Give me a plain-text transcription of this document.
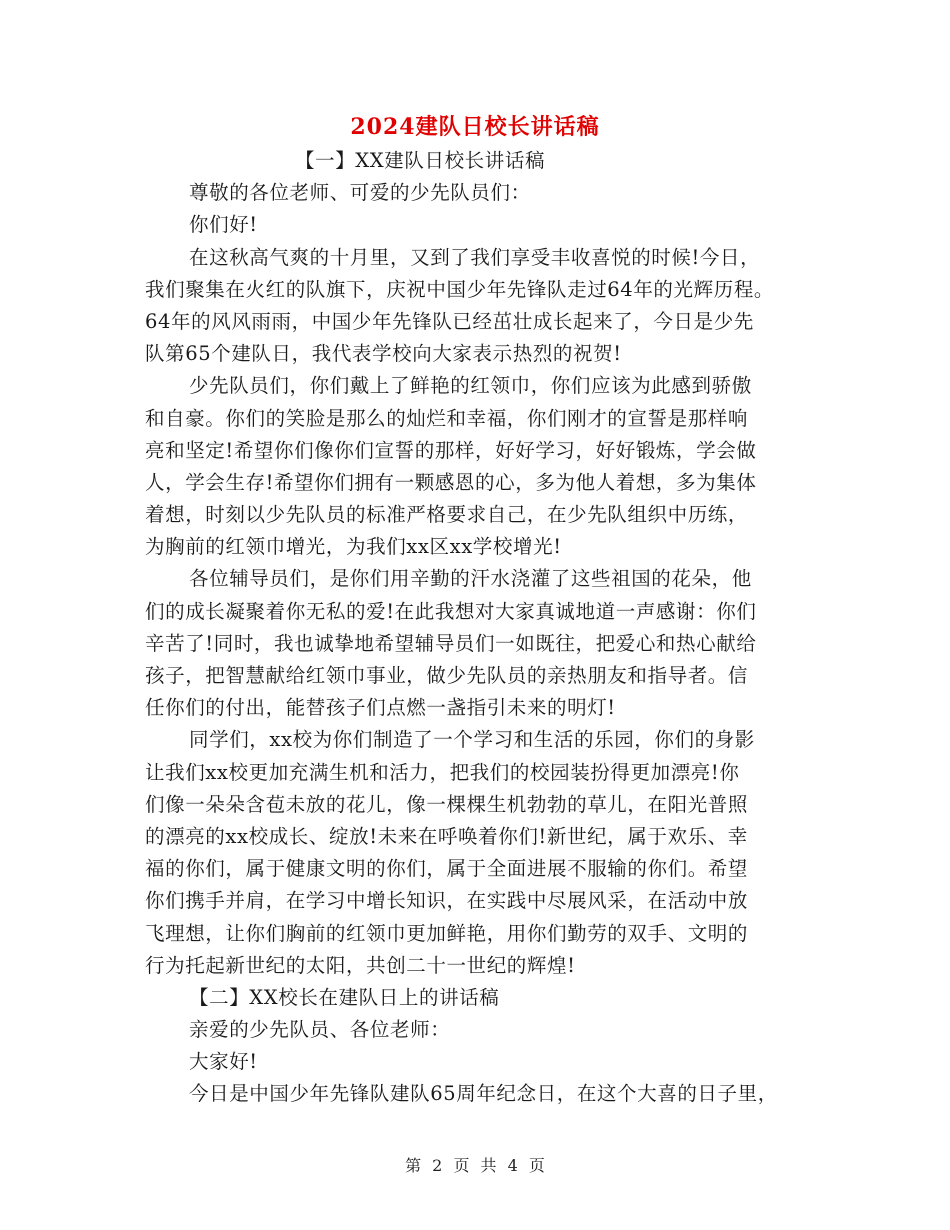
2024建队日校长讲话稿
【一】XX建队日校长讲话稿
尊敬的各位老师、可爱的少先队员们：
你们好!
在这秋高气爽的十月里，又到了我们享受丰收喜悦的时候!今日，
我们聚集在火红的队旗下，庆祝中国少年先锋队走过64年的光辉历程。
64年的风风雨雨，中国少年先锋队已经茁壮成长起来了，今日是少先
队第65个建队日，我代表学校向大家表示热烈的祝贺!
少先队员们，你们戴上了鲜艳的红领巾，你们应该为此感到骄傲
和自豪。你们的笑脸是那么的灿烂和幸福，你们刚才的宣誓是那样响
亮和坚定!希望你们像你们宣誓的那样，好好学习，好好锻炼，学会做
人，学会生存!希望你们拥有一颗感恩的心，多为他人着想，多为集体
着想，时刻以少先队员的标准严格要求自己，在少先队组织中历练，
为胸前的红领巾增光，为我们xx区xx学校增光!
各位辅导员们，是你们用辛勤的汗水浇灌了这些祖国的花朵，他
们的成长凝聚着你无私的爱!在此我想对大家真诚地道一声感谢：你们
辛苦了!同时，我也诚挚地希望辅导员们一如既往，把爱心和热心献给
孩子，把智慧献给红领巾事业，做少先队员的亲热朋友和指导者。信
任你们的付出，能替孩子们点燃一盏指引未来的明灯!
同学们，xx校为你们制造了一个学习和生活的乐园，你们的身影
让我们xx校更加充满生机和活力，把我们的校园装扮得更加漂亮!你
们像一朵朵含苞未放的花儿，像一棵棵生机勃勃的草儿，在阳光普照
的漂亮的xx校成长、绽放!未来在呼唤着你们!新世纪，属于欢乐、幸
福的你们，属于健康文明的你们，属于全面进展不服输的你们。希望
你们携手并肩，在学习中增长知识，在实践中尽展风采，在活动中放
飞理想，让你们胸前的红领巾更加鲜艳，用你们勤劳的双手、文明的
行为托起新世纪的太阳，共创二十一世纪的辉煌!
【二】XX校长在建队日上的讲话稿
亲爱的少先队员、各位老师：
大家好!
今日是中国少年先锋队建队65周年纪念日，在这个大喜的日子里，
第 2 页 共 4 页
